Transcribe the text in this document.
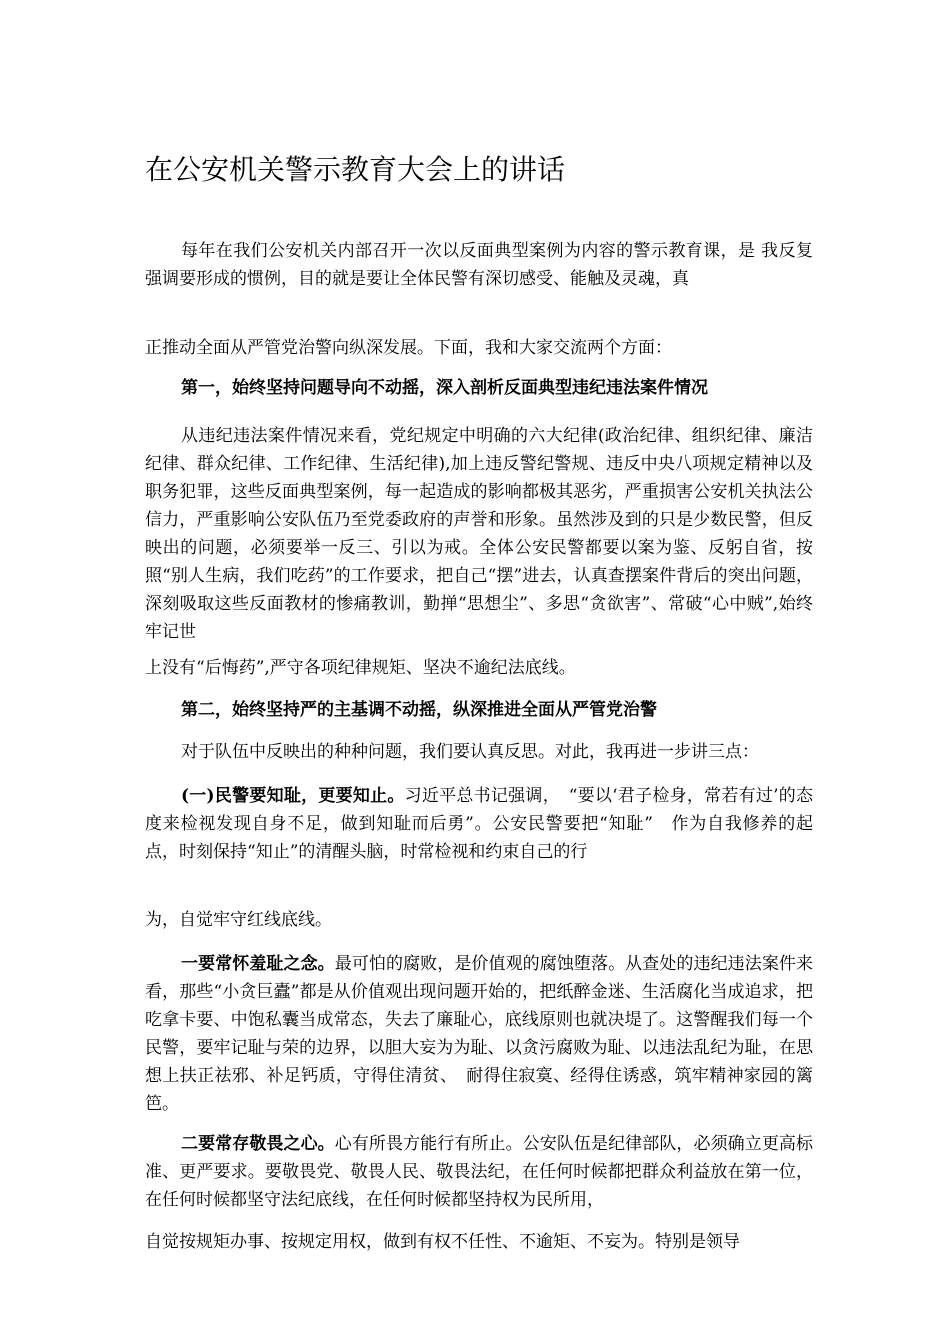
在公安机关警示教育大会上的讲话

每年在我们公安机关内部召开一次以反面典型案例为内容的警示教育课，是 我反复强调要形成的惯例，目的就是要让全体民警有深切感受、能触及灵魂，真

正推动全面从严管党治警向纵深发展。下面，我和大家交流两个方面：

第一，始终坚持问题导向不动摇，深入剖析反面典型违纪违法案件情况

从违纪违法案件情况来看，党纪规定中明确的六大纪律(政治纪律、组织纪律、廉洁纪律、群众纪律、工作纪律、生活纪律),加上违反警纪警规、违反中央八项规定精神以及职务犯罪，这些反面典型案例，每一起造成的影响都极其恶劣，严重损害公安机关执法公信力，严重影响公安队伍乃至党委政府的声誉和形象。虽然涉及到的只是少数民警，但反映出的问题，必须要举一反三、引以为戒。全体公安民警都要以案为鉴、反躬自省，按照“别人生病，我们吃药”的工作要求，把自己“摆”进去，认真查摆案件背后的突出问题，深刻吸取这些反面教材的惨痛教训，勤掸“思想尘”、多思“贪欲害”、常破“心中贼”,始终牢记世

上没有“后悔药”,严守各项纪律规矩、坚决不逾纪法底线。

第二，始终坚持严的主基调不动摇，纵深推进全面从严管党治警

对于队伍中反映出的种种问题，我们要认真反思。对此，我再进一步讲三点：

(一)民警要知耻，更要知止。习近平总书记强调，　“要以‘君子检身，常若有过’的态度来检视发现自身不足，做到知耻而后勇”。公安民警要把“知耻”　作为自我修养的起点，时刻保持“知止”的清醒头脑，时常检视和约束自己的行

为，自觉牢守红线底线。

一要常怀羞耻之念。最可怕的腐败，是价值观的腐蚀堕落。从查处的违纪违法案件来看，那些“小贪巨蠹”都是从价值观出现问题开始的，把纸醉金迷、生活腐化当成追求，把吃拿卡要、中饱私囊当成常态，失去了廉耻心，底线原则也就决堤了。这警醒我们每一个民警，要牢记耻与荣的边界，以胆大妄为为耻、以贪污腐败为耻、以违法乱纪为耻，在思想上扶正祛邪、补足钙质，守得住清贫、　耐得住寂寞、经得住诱惑，筑牢精神家园的篱笆。

二要常存敬畏之心。心有所畏方能行有所止。公安队伍是纪律部队，必须确立更高标准、更严要求。要敬畏党、敬畏人民、敬畏法纪，在任何时候都把群众利益放在第一位，在任何时候都坚守法纪底线，在任何时候都坚持权为民所用，

自觉按规矩办事、按规定用权，做到有权不任性、不逾矩、不妄为。特别是领导
